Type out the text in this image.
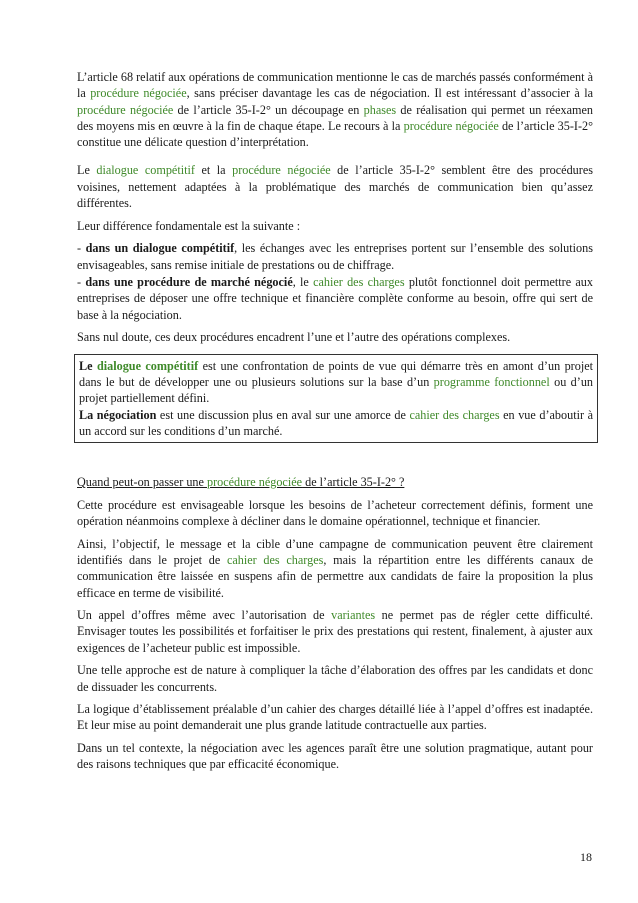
L’article 68 relatif aux opérations de communication mentionne le cas de marchés passés conformément à la procédure négociée, sans préciser davantage les cas de négociation. Il est intéressant d’associer à la procédure négociée de l’article 35-I-2° un découpage en phases de réalisation qui permet un réexamen des moyens mis en œuvre à la fin de chaque étape. Le recours à la procédure négociée de l’article 35-I-2° constitue une délicate question d’interprétation.

Le dialogue compétitif et la procédure négociée de l’article 35-I-2° semblent être des procédures voisines, nettement adaptées à la problématique des marchés de communication bien qu’assez différentes.

Leur différence fondamentale est la suivante :

- dans un dialogue compétitif, les échanges avec les entreprises portent sur l’ensemble des solutions envisageables, sans remise initiale de prestations ou de chiffrage.

- dans une procédure de marché négocié, le cahier des charges plutôt fonctionnel doit permettre aux entreprises de déposer une offre technique et financière complète conforme au besoin, offre qui sert de base à la négociation.

Sans nul doute, ces deux procédures encadrent l’une et l’autre des opérations complexes.

Le dialogue compétitif est une confrontation de points de vue qui démarre très en amont d’un projet dans le but de développer une ou plusieurs solutions sur la base d’un programme fonctionnel ou d’un projet partiellement défini.

La négociation est une discussion plus en aval sur une amorce de cahier des charges en vue d’aboutir à un accord sur les conditions d’un marché.

Quand peut-on passer une procédure négociée de l’article 35-I-2° ?

Cette procédure est envisageable lorsque les besoins de l’acheteur correctement définis, forment une opération néanmoins complexe à décliner dans le domaine opérationnel, technique et financier.

Ainsi, l’objectif, le message et la cible d’une campagne de communication peuvent être clairement identifiés dans le projet de cahier des charges, mais la répartition entre les différents canaux de communication être laissée en suspens afin de permettre aux candidats de faire la proposition la plus efficace en terme de visibilité.

Un appel d’offres même avec l’autorisation de variantes ne permet pas de régler cette difficulté. Envisager toutes les possibilités et forfaitiser le prix des prestations qui restent, finalement, à ajuster aux exigences de l’acheteur public est impossible.

Une telle approche est de nature à compliquer la tâche d’élaboration des offres par les candidats et donc de dissuader les concurrents.

La logique d’établissement préalable d’un cahier des charges détaillé liée à l’appel d’offres est inadaptée. Et leur mise au point demanderait une plus grande latitude contractuelle aux parties.

Dans un tel contexte, la négociation avec les agences paraît être une solution pragmatique, autant pour des raisons techniques que par efficacité économique.

18
